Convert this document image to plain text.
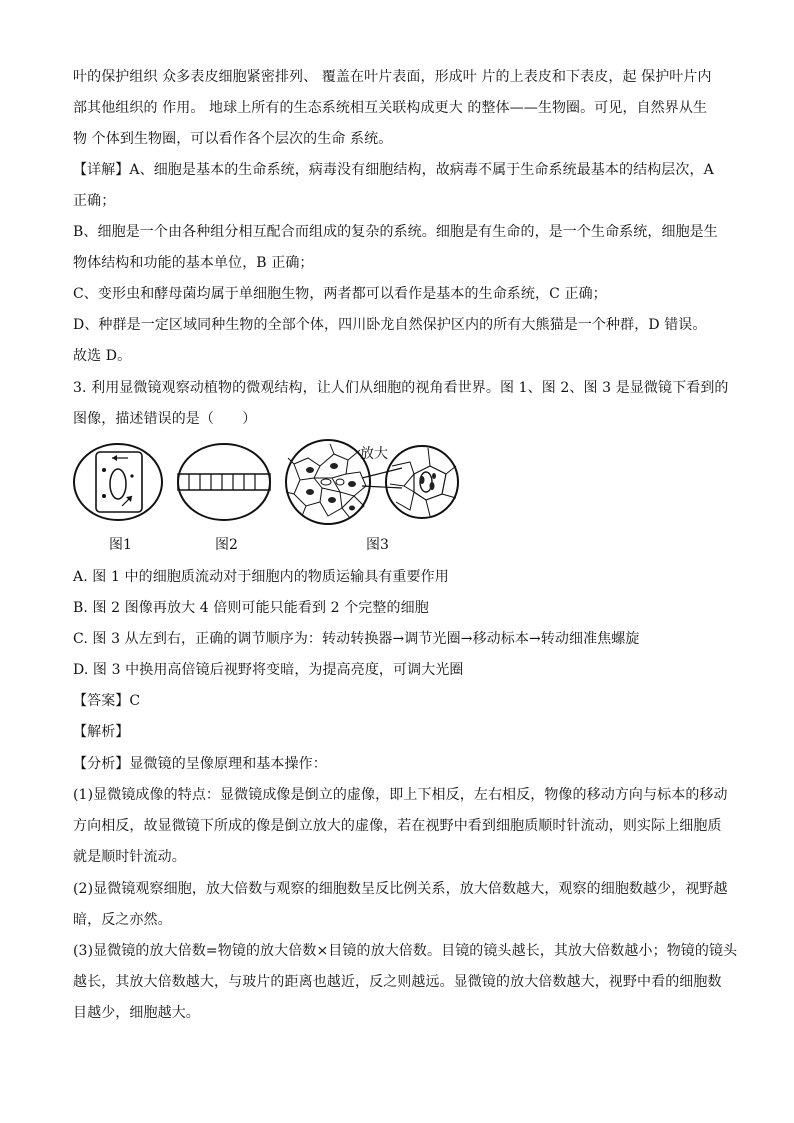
叶的保护组织 众多表皮细胞紧密排列、 覆盖在叶片表面，形成叶 片的上表皮和下表皮，起 保护叶片内
部其他组织的 作用。 地球上所有的生态系统相互关联构成更大 的整体——生物圈。可见，自然界从生
物 个体到生物圈，可以看作各个层次的生命 系统。
【详解】A、细胞是基本的生命系统，病毒没有细胞结构，故病毒不属于生命系统最基本的结构层次，A
正确；
B、细胞是一个由各种组分相互配合而组成的复杂的系统。细胞是有生命的，是一个生命系统，细胞是生
物体结构和功能的基本单位，B 正确；
C、变形虫和酵母菌均属于单细胞生物，两者都可以看作是基本的生命系统，C 正确；
D、种群是一定区域同种生物的全部个体，四川卧龙自然保护区内的所有大熊猫是一个种群，D 错误。
故选 D。
3. 利用显微镜观察动植物的微观结构，让人们从细胞的视角看世界。图 1、图 2、图 3 是显微镜下看到的
图像，描述错误的是（　　）
图1	图2	图3
放大
A. 图 1 中的细胞质流动对于细胞内的物质运输具有重要作用
B. 图 2 图像再放大 4 倍则可能只能看到 2 个完整的细胞
C. 图 3 从左到右，正确的调节顺序为：转动转换器→调节光圈→移动标本→转动细准焦螺旋
D. 图 3 中换用高倍镜后视野将变暗，为提高亮度，可调大光圈
【答案】C
【解析】
【分析】显微镜的呈像原理和基本操作：
(1)显微镜成像的特点：显微镜成像是倒立的虚像，即上下相反，左右相反，物像的移动方向与标本的移动
方向相反，故显微镜下所成的像是倒立放大的虚像，若在视野中看到细胞质顺时针流动，则实际上细胞质
就是顺时针流动。
(2)显微镜观察细胞，放大倍数与观察的细胞数呈反比例关系，放大倍数越大，观察的细胞数越少，视野越
暗，反之亦然。
(3)显微镜的放大倍数=物镜的放大倍数×目镜的放大倍数。目镜的镜头越长，其放大倍数越小；物镜的镜头
越长，其放大倍数越大，与玻片的距离也越近，反之则越远。显微镜的放大倍数越大，视野中看的细胞数
目越少，细胞越大。
